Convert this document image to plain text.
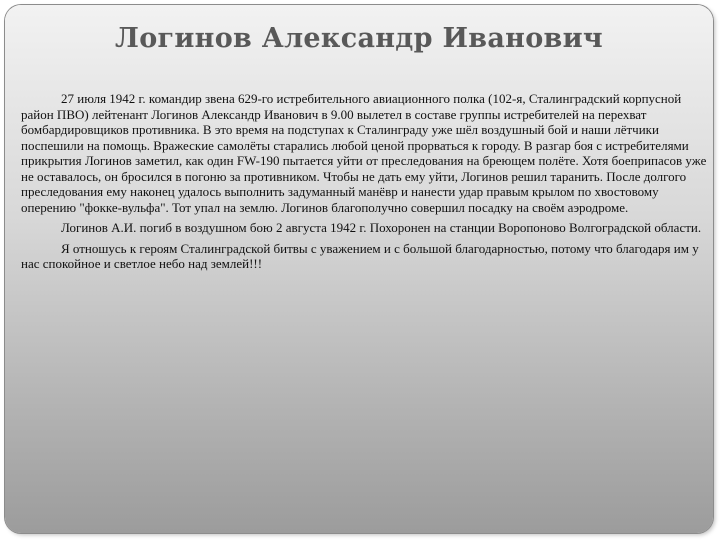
Логинов Александр Иванович

27 июля 1942 г. командир звена 629-го истребительного авиационного полка (102-я, Сталинградский корпусной район ПВО) лейтенант Логинов Александр Иванович в 9.00 вылетел в составе группы истребителей на перехват бомбардировщиков противника. В это время на подступах к Сталинграду уже шёл воздушный бой и наши лётчики поспешили на помощь. Вражеские самолёты старались любой ценой прорваться к городу. В разгар боя с истребителями прикрытия Логинов заметил, как один FW-190 пытается уйти от преследования на бреющем полёте. Хотя боеприпасов уже не оставалось, он бросился в погоню за противником. Чтобы не дать ему уйти, Логинов решил таранить. После долгого преследования ему наконец удалось выполнить задуманный манёвр и нанести удар правым крылом по хвостовому оперению "фокке-вульфа". Тот упал на землю. Логинов благополучно совершил посадку на своём аэродроме.

Логинов А.И. погиб в воздушном бою 2 августа 1942 г. Похоронен на станции Воропоново Волгоградской области.

Я отношусь к героям Сталинградской битвы с уважением и с большой благодарностью, потому что благодаря им у нас спокойное и светлое небо над землей!!!
